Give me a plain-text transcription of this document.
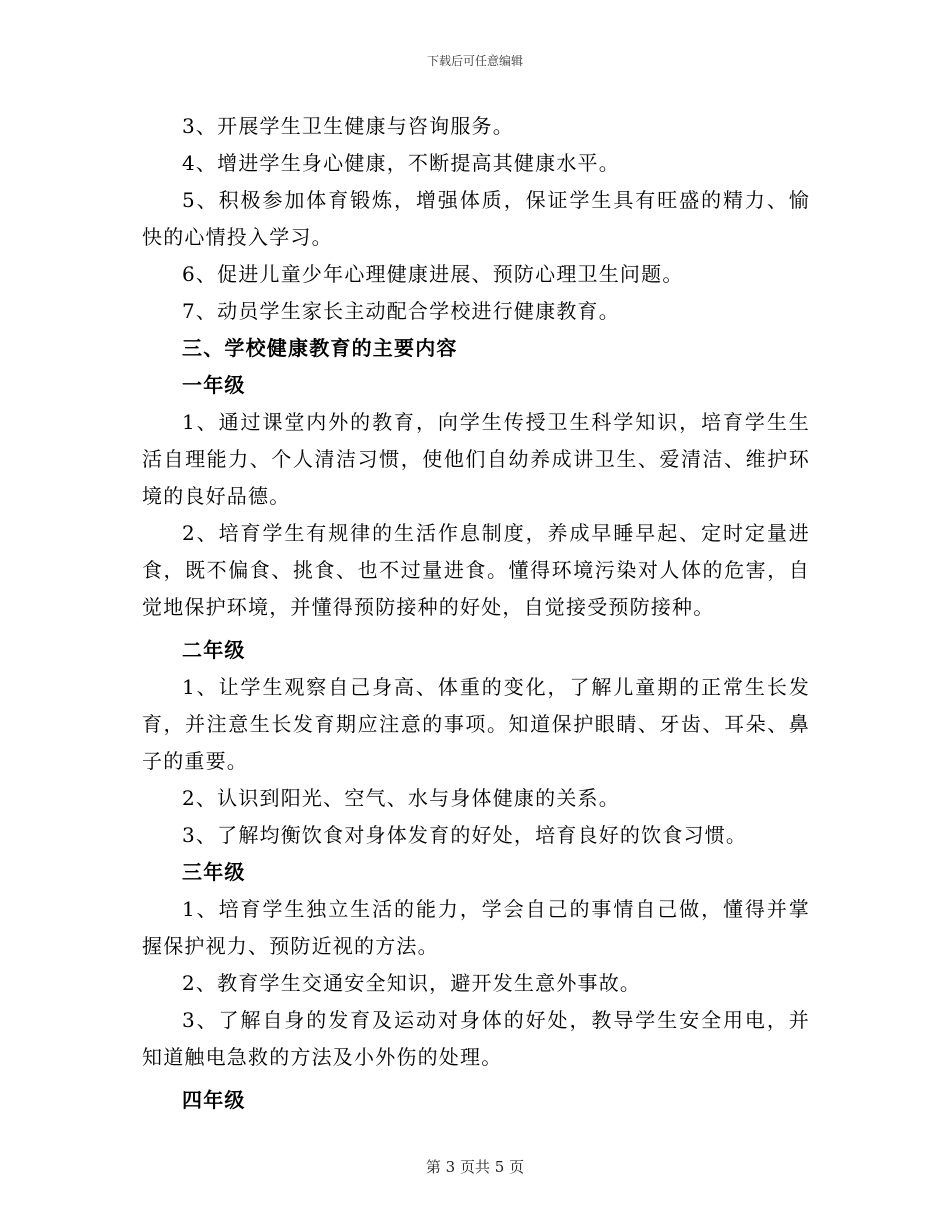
下载后可任意编辑

3、开展学生卫生健康与咨询服务。

4、增进学生身心健康，不断提高其健康水平。

5、积极参加体育锻炼，增强体质，保证学生具有旺盛的精力、愉快的心情投入学习。

6、促进儿童少年心理健康进展、预防心理卫生问题。

7、动员学生家长主动配合学校进行健康教育。

三、学校健康教育的主要内容

一年级

1、通过课堂内外的教育，向学生传授卫生科学知识，培育学生生活自理能力、个人清洁习惯，使他们自幼养成讲卫生、爱清洁、维护环境的良好品德。

2、培育学生有规律的生活作息制度，养成早睡早起、定时定量进食，既不偏食、挑食、也不过量进食。懂得环境污染对人体的危害，自觉地保护环境，并懂得预防接种的好处，自觉接受预防接种。

二年级

1、让学生观察自己身高、体重的变化，了解儿童期的正常生长发育，并注意生长发育期应注意的事项。知道保护眼睛、牙齿、耳朵、鼻子的重要。

2、认识到阳光、空气、水与身体健康的关系。

3、了解均衡饮食对身体发育的好处，培育良好的饮食习惯。

三年级

1、培育学生独立生活的能力，学会自己的事情自己做，懂得并掌握保护视力、预防近视的方法。

2、教育学生交通安全知识，避开发生意外事故。

3、了解自身的发育及运动对身体的好处，教导学生安全用电，并知道触电急救的方法及小外伤的处理。

四年级

第 3 页共 5 页
